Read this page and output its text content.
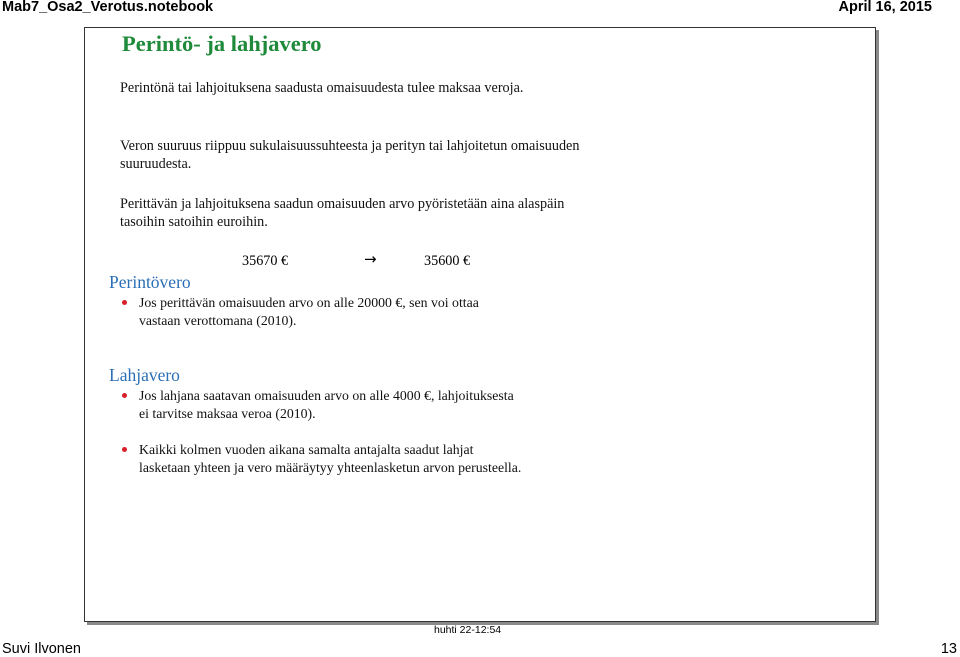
Mab7_Osa2_Verotus.notebook	April 16, 2015
Perintö- ja lahjavero
Perintönä tai lahjoituksena saadusta omaisuudesta tulee maksaa veroja.
Veron suuruus riippuu sukulaisuussuhteesta ja perityn tai lahjoitetun omaisuuden suuruudesta.
Perittävän ja lahjoituksena saadun omaisuuden arvo pyöristetään aina alaspäin tasoihin satoihin euroihin.
35670 €	→	35600 €
Perintövero
Jos perittävän omaisuuden arvo on alle 20000 €, sen voi ottaa vastaan verottomana (2010).
Lahjavero
Jos lahjana saatavan omaisuuden arvo on alle 4000 €, lahjoituksesta ei tarvitse maksaa veroa (2010).
Kaikki kolmen vuoden aikana samalta antajalta saadut lahjat lasketaan yhteen ja vero määräytyy yhteenlasketun arvon perusteella.
huhti 22-12:54
Suvi Ilvonen	13
